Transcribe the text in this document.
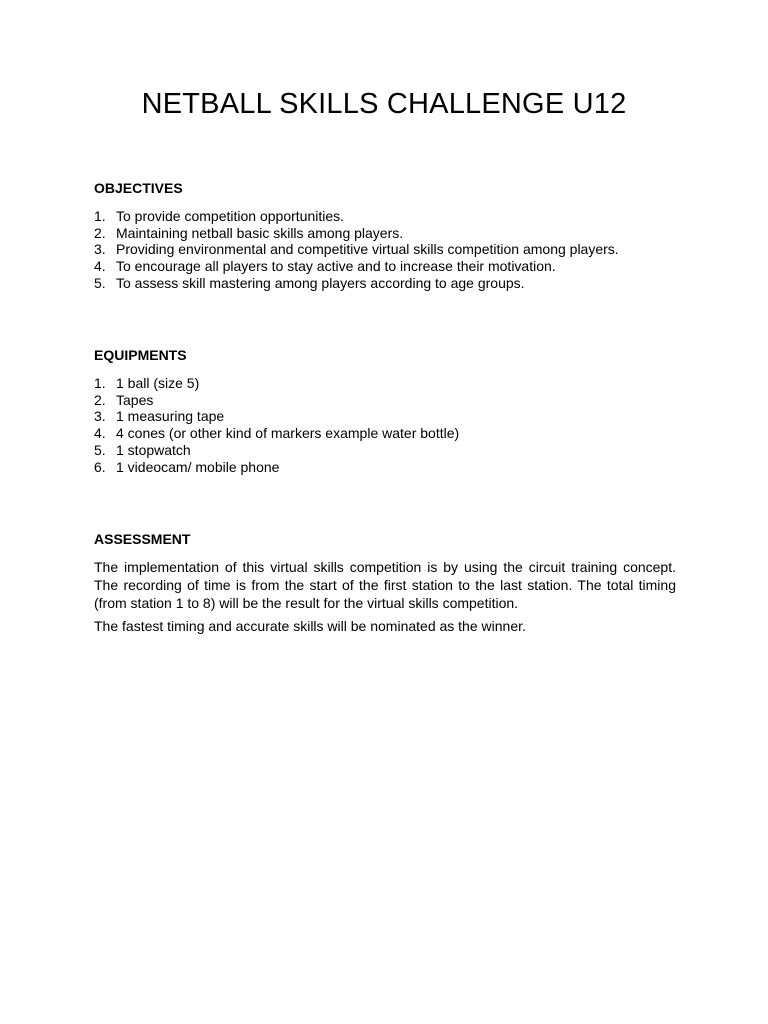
NETBALL SKILLS CHALLENGE U12
OBJECTIVES
1. To provide competition opportunities.
2. Maintaining netball basic skills among players.
3. Providing environmental and competitive virtual skills competition among players.
4. To encourage all players to stay active and to increase their motivation.
5. To assess skill mastering among players according to age groups.
EQUIPMENTS
1. 1 ball (size 5)
2. Tapes
3. 1 measuring tape
4. 4 cones (or other kind of markers example water bottle)
5. 1 stopwatch
6. 1 videocam/ mobile phone
ASSESSMENT

The implementation of this virtual skills competition is by using the circuit training concept. The recording of time is from the start of the first station to the last station. The total timing (from station 1 to 8) will be the result for the virtual skills competition.

The fastest timing and accurate skills will be nominated as the winner.
